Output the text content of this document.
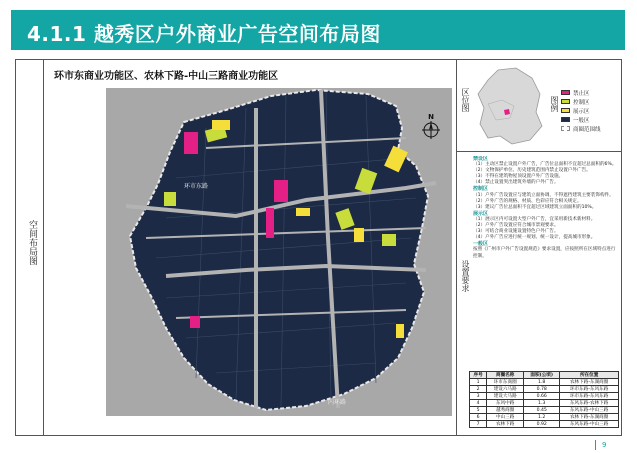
4.1.1 越秀区户外商业广告空间布局图
空间布局图
环市东商业功能区、农林下路-中山三路商业功能区
环市东路
内环路
N
区位图	图例
禁止区
控制区
展示区
一般区
商圈范围线
设置要求
禁设区
（1）主动区禁止设置户外广告，广告位总面积不宜超过总面积的6%。
（2）文物保护单位、历史建筑范围内禁止设置户外广告。
（3）不得在建筑物屋顶设置户外广告设施。
（4）禁止设置突出建筑外墙的户外广告。
控制区
（1）户外广告设置应与建筑立面协调，不得遮挡建筑主要装饰构件。
（2）户外广告的规格、材质、色彩应符合相关规定。
（3）建议广告位总面积不宜超过区域建筑立面面积的10%。
展示区
（1）展示区内可设置大型户外广告，宜采用新技术新材料。
（2）户外广告设置应符合城市景观要求。
（3）可结合商业设施设置特色户外广告。
（4）户外广告应进行统一规划、统一设计，提高城市形象。
一般区
按照《广州市户外广告设置规范》要求设置，应按照所在区域特点进行控制。
序号	商圈名称	面积(公顷)	所在位置
1	环市东商圈	1.8	农林下路-东湖商圈
2	建设六马路	0.78	环市东路-东风东路
3	建设大马路	0.66	环市东路-东风东路
4	东风中路	1.3	东风东路-农林下路
5	越秀商圈	0.45	东风东路-中山三路
6	中山三路	1.2	农林下路-东湖商圈
7	农林下路	0.92	东风东路-中山三路
9
